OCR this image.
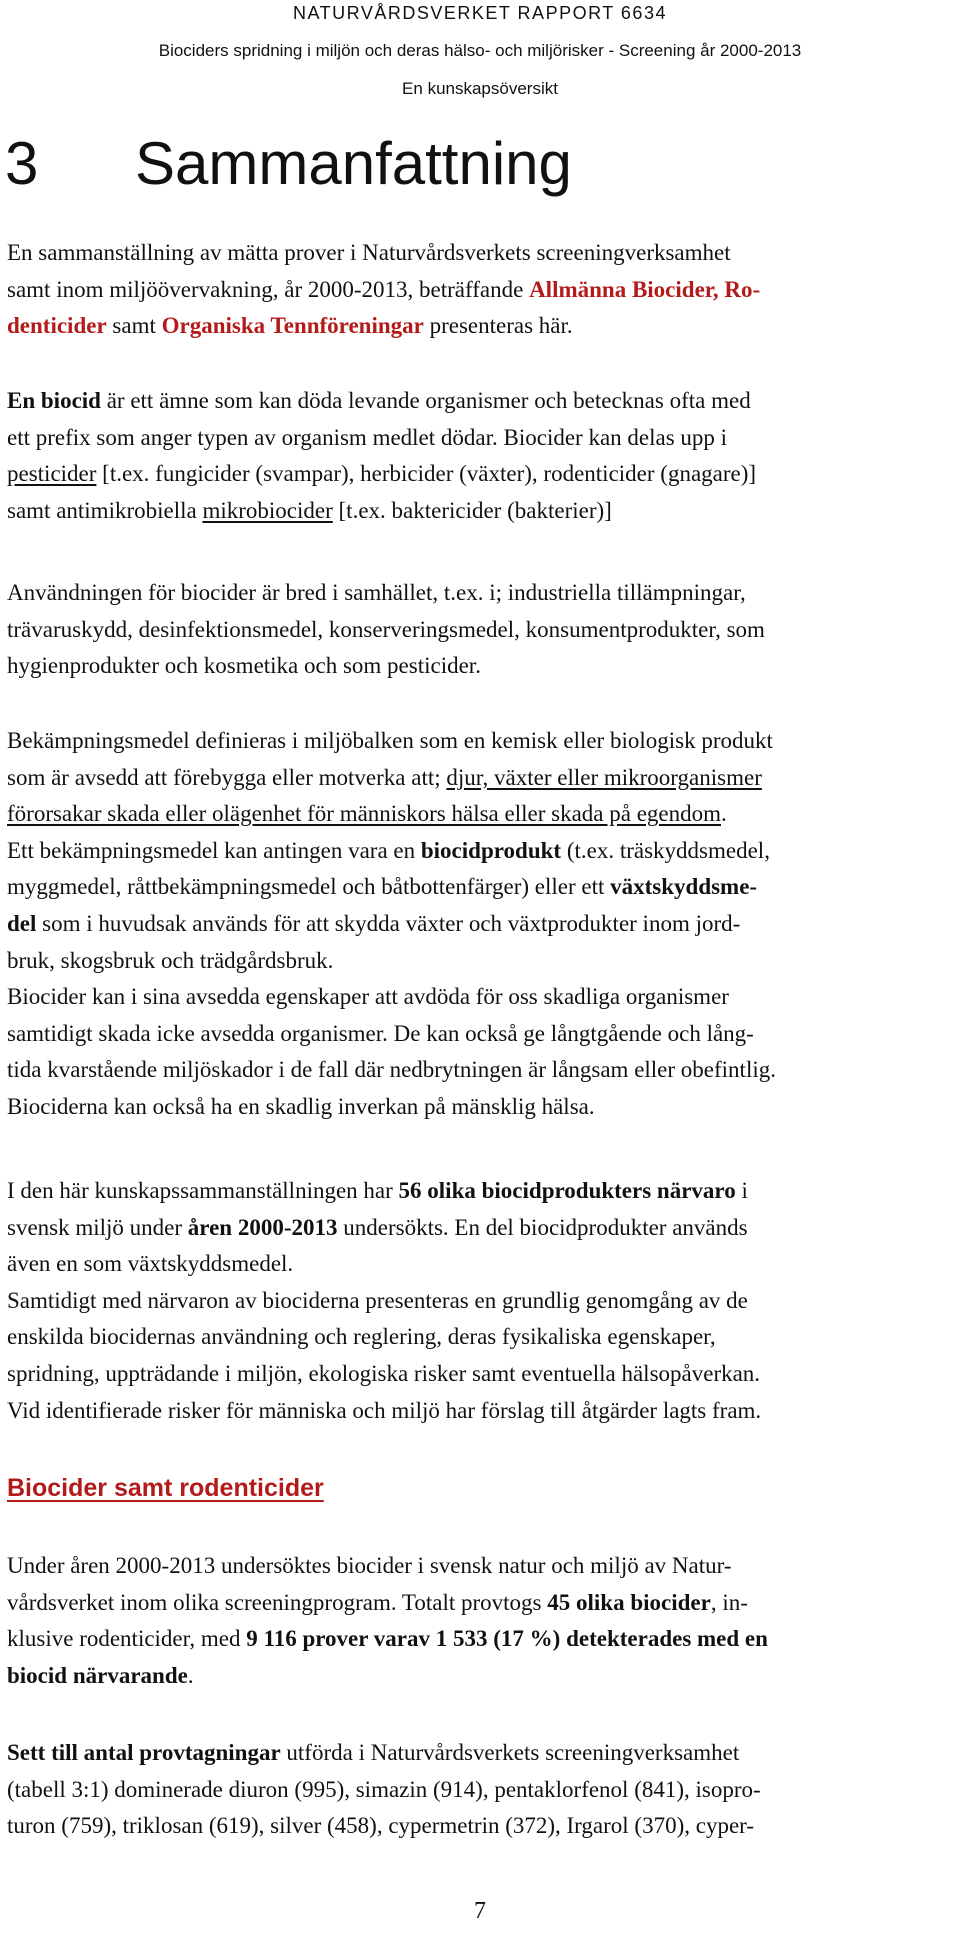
NATURVÅRDSVERKET RAPPORT 6634
Biociders spridning i miljön och deras hälso- och miljörisker - Screening år 2000-2013
En kunskapsöversikt
3 Sammanfattning
En sammanställning av mätta prover i Naturvårdsverkets screeningverksamhet
samt inom miljöövervakning, år 2000-2013, beträffande Allmänna Biocider, Ro-
denticider samt Organiska Tennföreningar presenteras här.
En biocid är ett ämne som kan döda levande organismer och betecknas ofta med
ett prefix som anger typen av organism medlet dödar. Biocider kan delas upp i
pesticider [t.ex. fungicider (svampar), herbicider (växter), rodenticider (gnagare)]
samt antimikrobiella mikrobiocider [t.ex. baktericider (bakterier)]
Användningen för biocider är bred i samhället, t.ex. i; industriella tillämpningar,
trävaruskydd, desinfektionsmedel, konserveringsmedel, konsumentprodukter, som
hygienprodukter och kosmetika och som pesticider.
Bekämpningsmedel definieras i miljöbalken som en kemisk eller biologisk produkt
som är avsedd att förebygga eller motverka att; djur, växter eller mikroorganismer
förorsakar skada eller olägenhet för människors hälsa eller skada på egendom.
Ett bekämpningsmedel kan antingen vara en biocidprodukt (t.ex. träskyddsmedel,
myggmedel, råttbekämpningsmedel och båtbottenfärger) eller ett växtskyddsme-
del som i huvudsak används för att skydda växter och växtprodukter inom jord-
bruk, skogsbruk och trädgårdsbruk.
Biocider kan i sina avsedda egenskaper att avdöda för oss skadliga organismer
samtidigt skada icke avsedda organismer. De kan också ge långtgående och lång-
tida kvarstående miljöskador i de fall där nedbrytningen är långsam eller obefintlig.
Biociderna kan också ha en skadlig inverkan på mänsklig hälsa.
I den här kunskapssammanställningen har 56 olika biocidprodukters närvaro i
svensk miljö under åren 2000-2013 undersökts. En del biocidprodukter används
även en som växtskyddsmedel.
Samtidigt med närvaron av biociderna presenteras en grundlig genomgång av de
enskilda biocidernas användning och reglering, deras fysikaliska egenskaper,
spridning, uppträdande i miljön, ekologiska risker samt eventuella hälsopåverkan.
Vid identifierade risker för människa och miljö har förslag till åtgärder lagts fram.
Biocider samt rodenticider
Under åren 2000-2013 undersöktes biocider i svensk natur och miljö av Natur-
vårdsverket inom olika screeningprogram. Totalt provtogs 45 olika biocider, in-
klusive rodenticider, med 9 116 prover varav 1 533 (17 %) detekterades med en
biocid närvarande.
Sett till antal provtagningar utförda i Naturvårdsverkets screeningverksamhet
(tabell 3:1) dominerade diuron (995), simazin (914), pentaklorfenol (841), isopro-
turon (759), triklosan (619), silver (458), cypermetrin (372), Irgarol (370), cyper-
7
